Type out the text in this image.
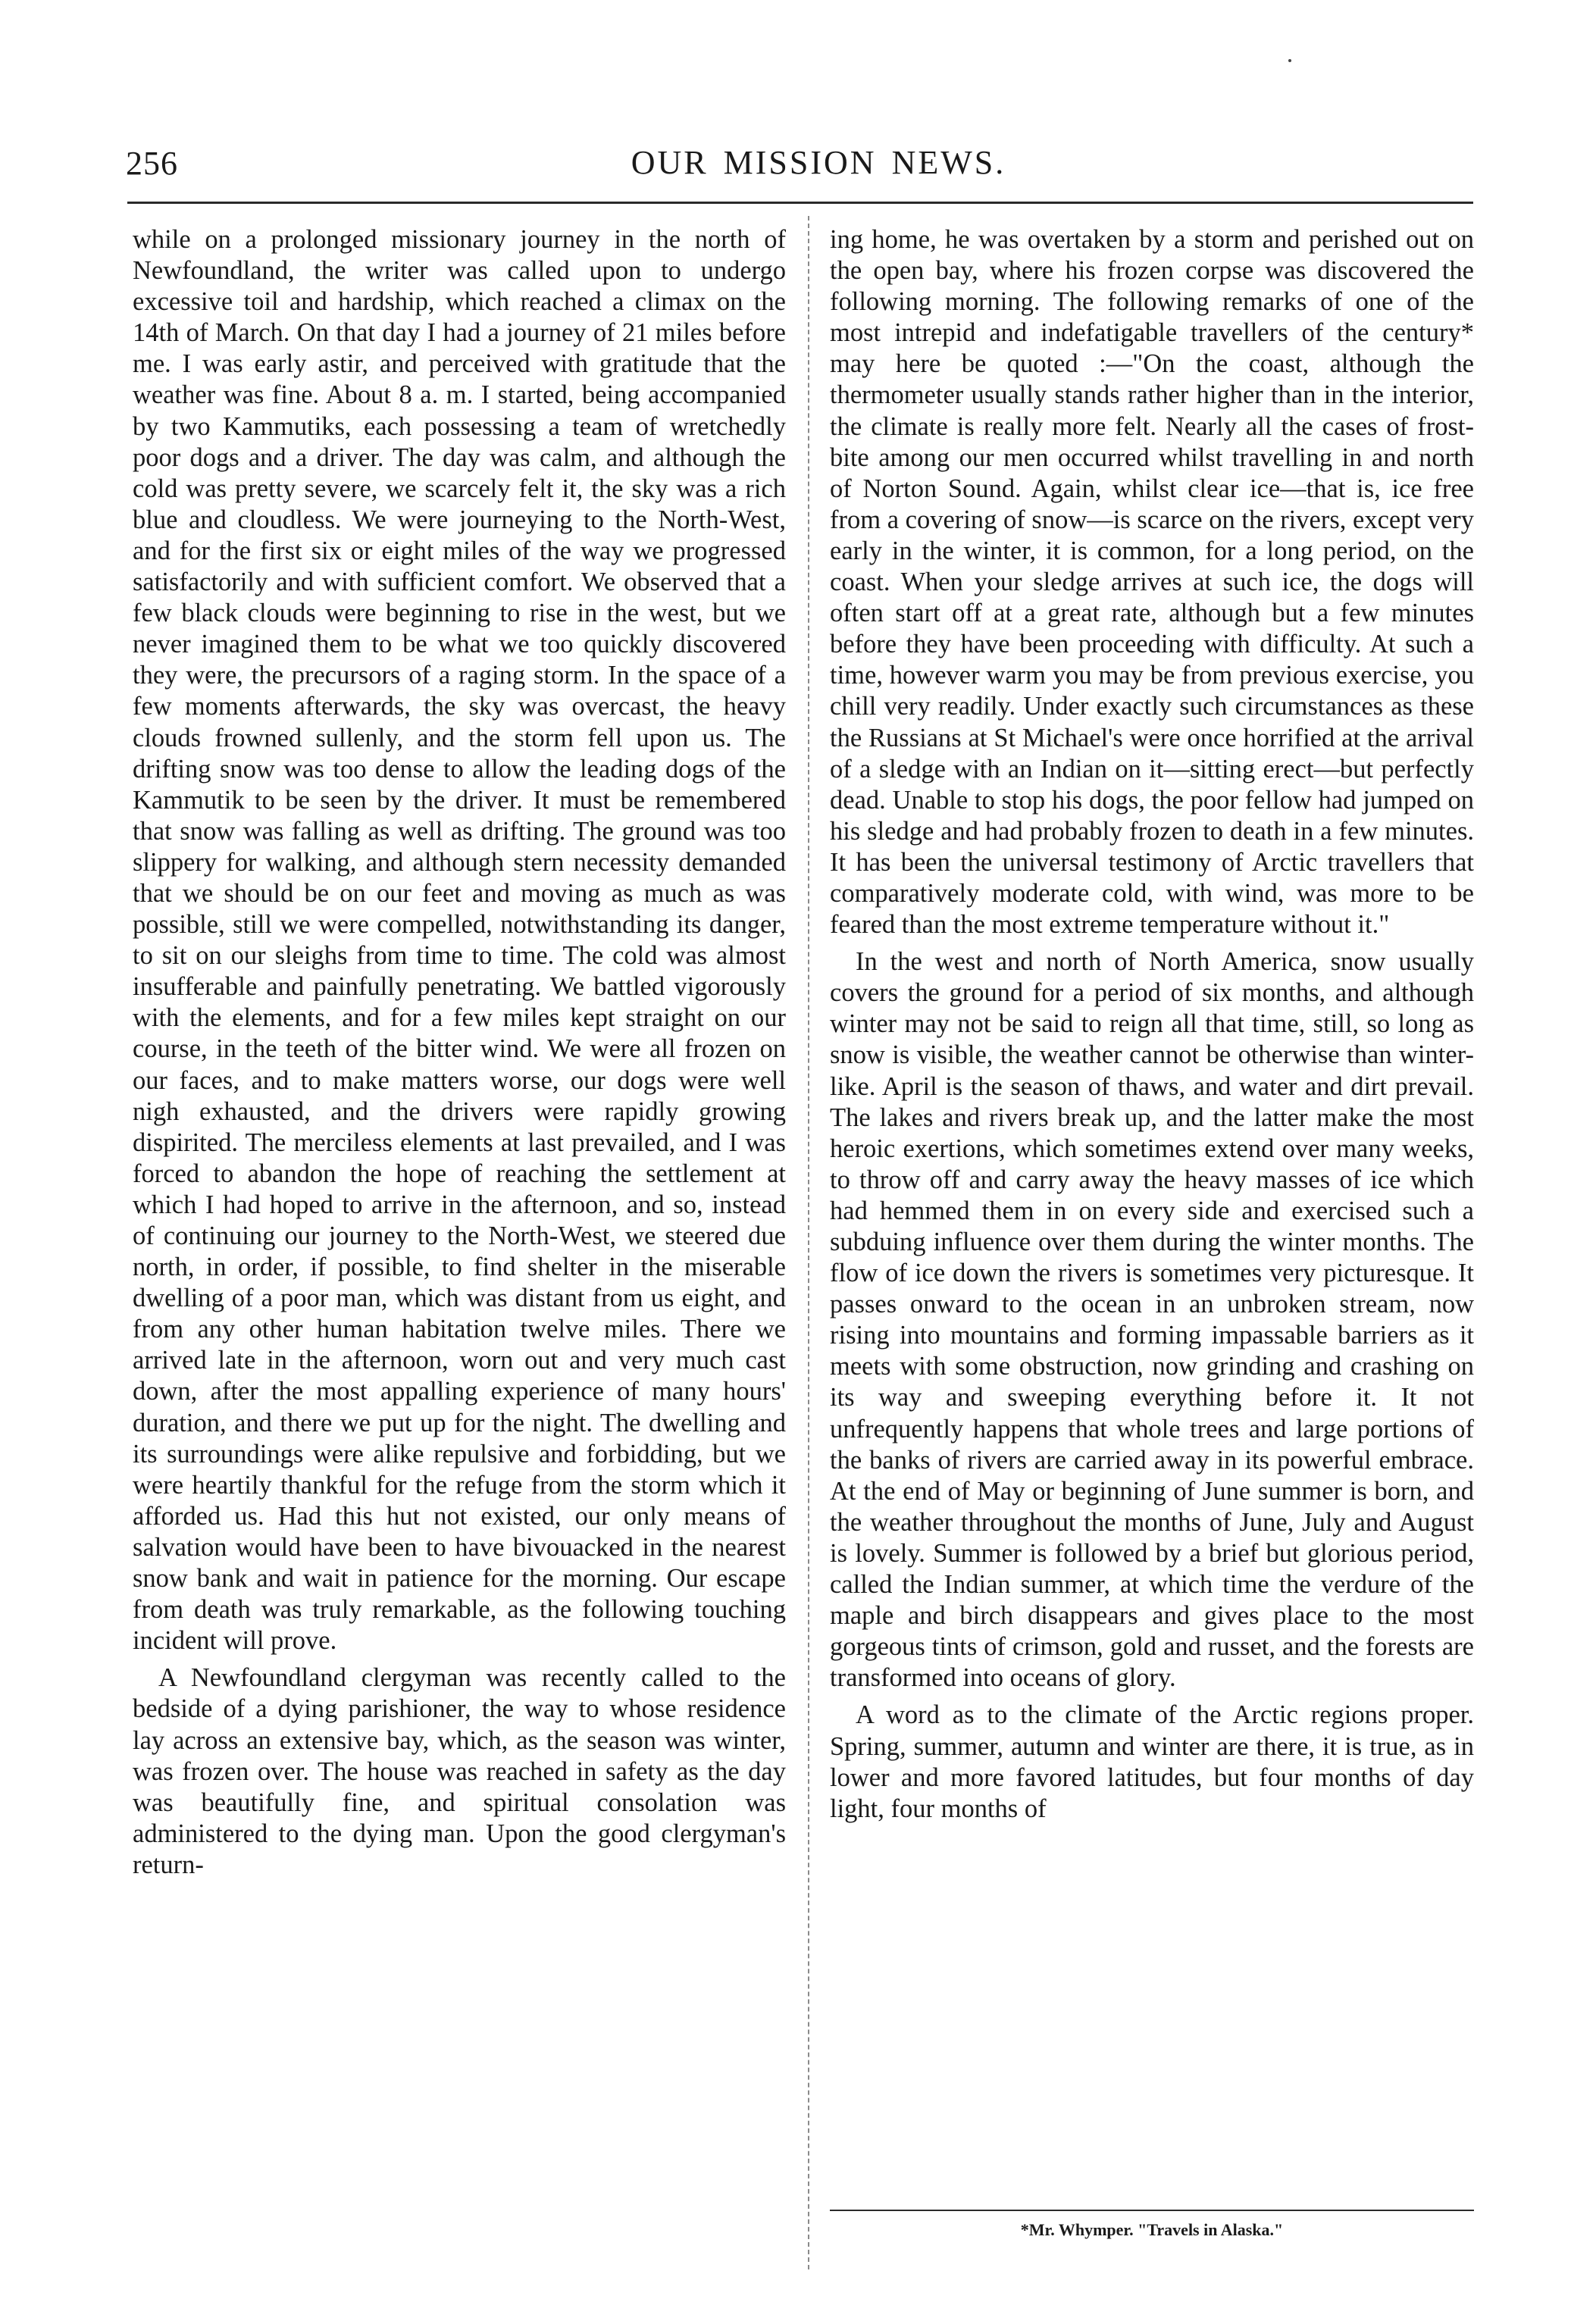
256	OUR MISSION NEWS.

while on a prolonged missionary journey in the north of Newfoundland, the writer was called upon to undergo excessive toil and hardship, which reached a climax on the 14th of March. On that day I had a journey of 21 miles before me. I was early astir, and perceived with gratitude that the weather was fine. About 8 a. m. I started, being accompanied by two Kammutiks, each possessing a team of wretchedly poor dogs and a driver. The day was calm, and although the cold was pretty severe, we scarcely felt it, the sky was a rich blue and cloudless. We were journeying to the North-West, and for the first six or eight miles of the way we progressed satisfactorily and with sufficient comfort. We observed that a few black clouds were beginning to rise in the west, but we never imagined them to be what we too quickly discovered they were, the precursors of a raging storm. In the space of a few moments afterwards, the sky was overcast, the heavy clouds frowned sullenly, and the storm fell upon us. The drifting snow was too dense to allow the leading dogs of the Kammutik to be seen by the driver. It must be remembered that snow was falling as well as drifting. The ground was too slippery for walking, and although stern necessity demanded that we should be on our feet and moving as much as was possible, still we were compelled, notwithstanding its danger, to sit on our sleighs from time to time. The cold was almost insufferable and painfully penetrating. We battled vigorously with the elements, and for a few miles kept straight on our course, in the teeth of the bitter wind. We were all frozen on our faces, and to make matters worse, our dogs were well nigh exhausted, and the drivers were rapidly growing dispirited. The merciless elements at last prevailed, and I was forced to abandon the hope of reaching the settlement at which I had hoped to arrive in the afternoon, and so, instead of continuing our journey to the North-West, we steered due north, in order, if possible, to find shelter in the miserable dwelling of a poor man, which was distant from us eight, and from any other human habitation twelve miles. There we arrived late in the afternoon, worn out and very much cast down, after the most appalling experience of many hours' duration, and there we put up for the night. The dwelling and its surroundings were alike repulsive and forbidding, but we were heartily thankful for the refuge from the storm which it afforded us. Had this hut not existed, our only means of salvation would have been to have bivouacked in the nearest snow bank and wait in patience for the morning. Our escape from death was truly remarkable, as the following touching incident will prove.

A Newfoundland clergyman was recently called to the bedside of a dying parishioner, the way to whose residence lay across an extensive bay, which, as the season was winter, was frozen over. The house was reached in safety as the day was beautifully fine, and spiritual consolation was administered to the dying man. Upon the good clergyman's return-

ing home, he was overtaken by a storm and perished out on the open bay, where his frozen corpse was discovered the following morning. The following remarks of one of the most intrepid and indefatigable travellers of the century* may here be quoted :—"On the coast, although the thermometer usually stands rather higher than in the interior, the climate is really more felt. Nearly all the cases of frost-bite among our men occurred whilst travelling in and north of Norton Sound. Again, whilst clear ice—that is, ice free from a covering of snow—is scarce on the rivers, except very early in the winter, it is common, for a long period, on the coast. When your sledge arrives at such ice, the dogs will often start off at a great rate, although but a few minutes before they have been proceeding with difficulty. At such a time, however warm you may be from previous exercise, you chill very readily. Under exactly such circumstances as these the Russians at St Michael's were once horrified at the arrival of a sledge with an Indian on it—sitting erect—but perfectly dead. Unable to stop his dogs, the poor fellow had jumped on his sledge and had probably frozen to death in a few minutes. It has been the universal testimony of Arctic travellers that comparatively moderate cold, with wind, was more to be feared than the most extreme temperature without it."

In the west and north of North America, snow usually covers the ground for a period of six months, and although winter may not be said to reign all that time, still, so long as snow is visible, the weather cannot be otherwise than winter-like. April is the season of thaws, and water and dirt prevail. The lakes and rivers break up, and the latter make the most heroic exertions, which sometimes extend over many weeks, to throw off and carry away the heavy masses of ice which had hemmed them in on every side and exercised such a subduing influence over them during the winter months. The flow of ice down the rivers is sometimes very picturesque. It passes onward to the ocean in an unbroken stream, now rising into mountains and forming impassable barriers as it meets with some obstruction, now grinding and crashing on its way and sweeping everything before it. It not unfrequently happens that whole trees and large portions of the banks of rivers are carried away in its powerful embrace. At the end of May or beginning of June summer is born, and the weather throughout the months of June, July and August is lovely. Summer is followed by a brief but glorious period, called the Indian summer, at which time the verdure of the maple and birch disappears and gives place to the most gorgeous tints of crimson, gold and russet, and the forests are transformed into oceans of glory.

A word as to the climate of the Arctic regions proper. Spring, summer, autumn and winter are there, it is true, as in lower and more favored latitudes, but four months of day light, four months of

*Mr. Whymper. "Travels in Alaska."
